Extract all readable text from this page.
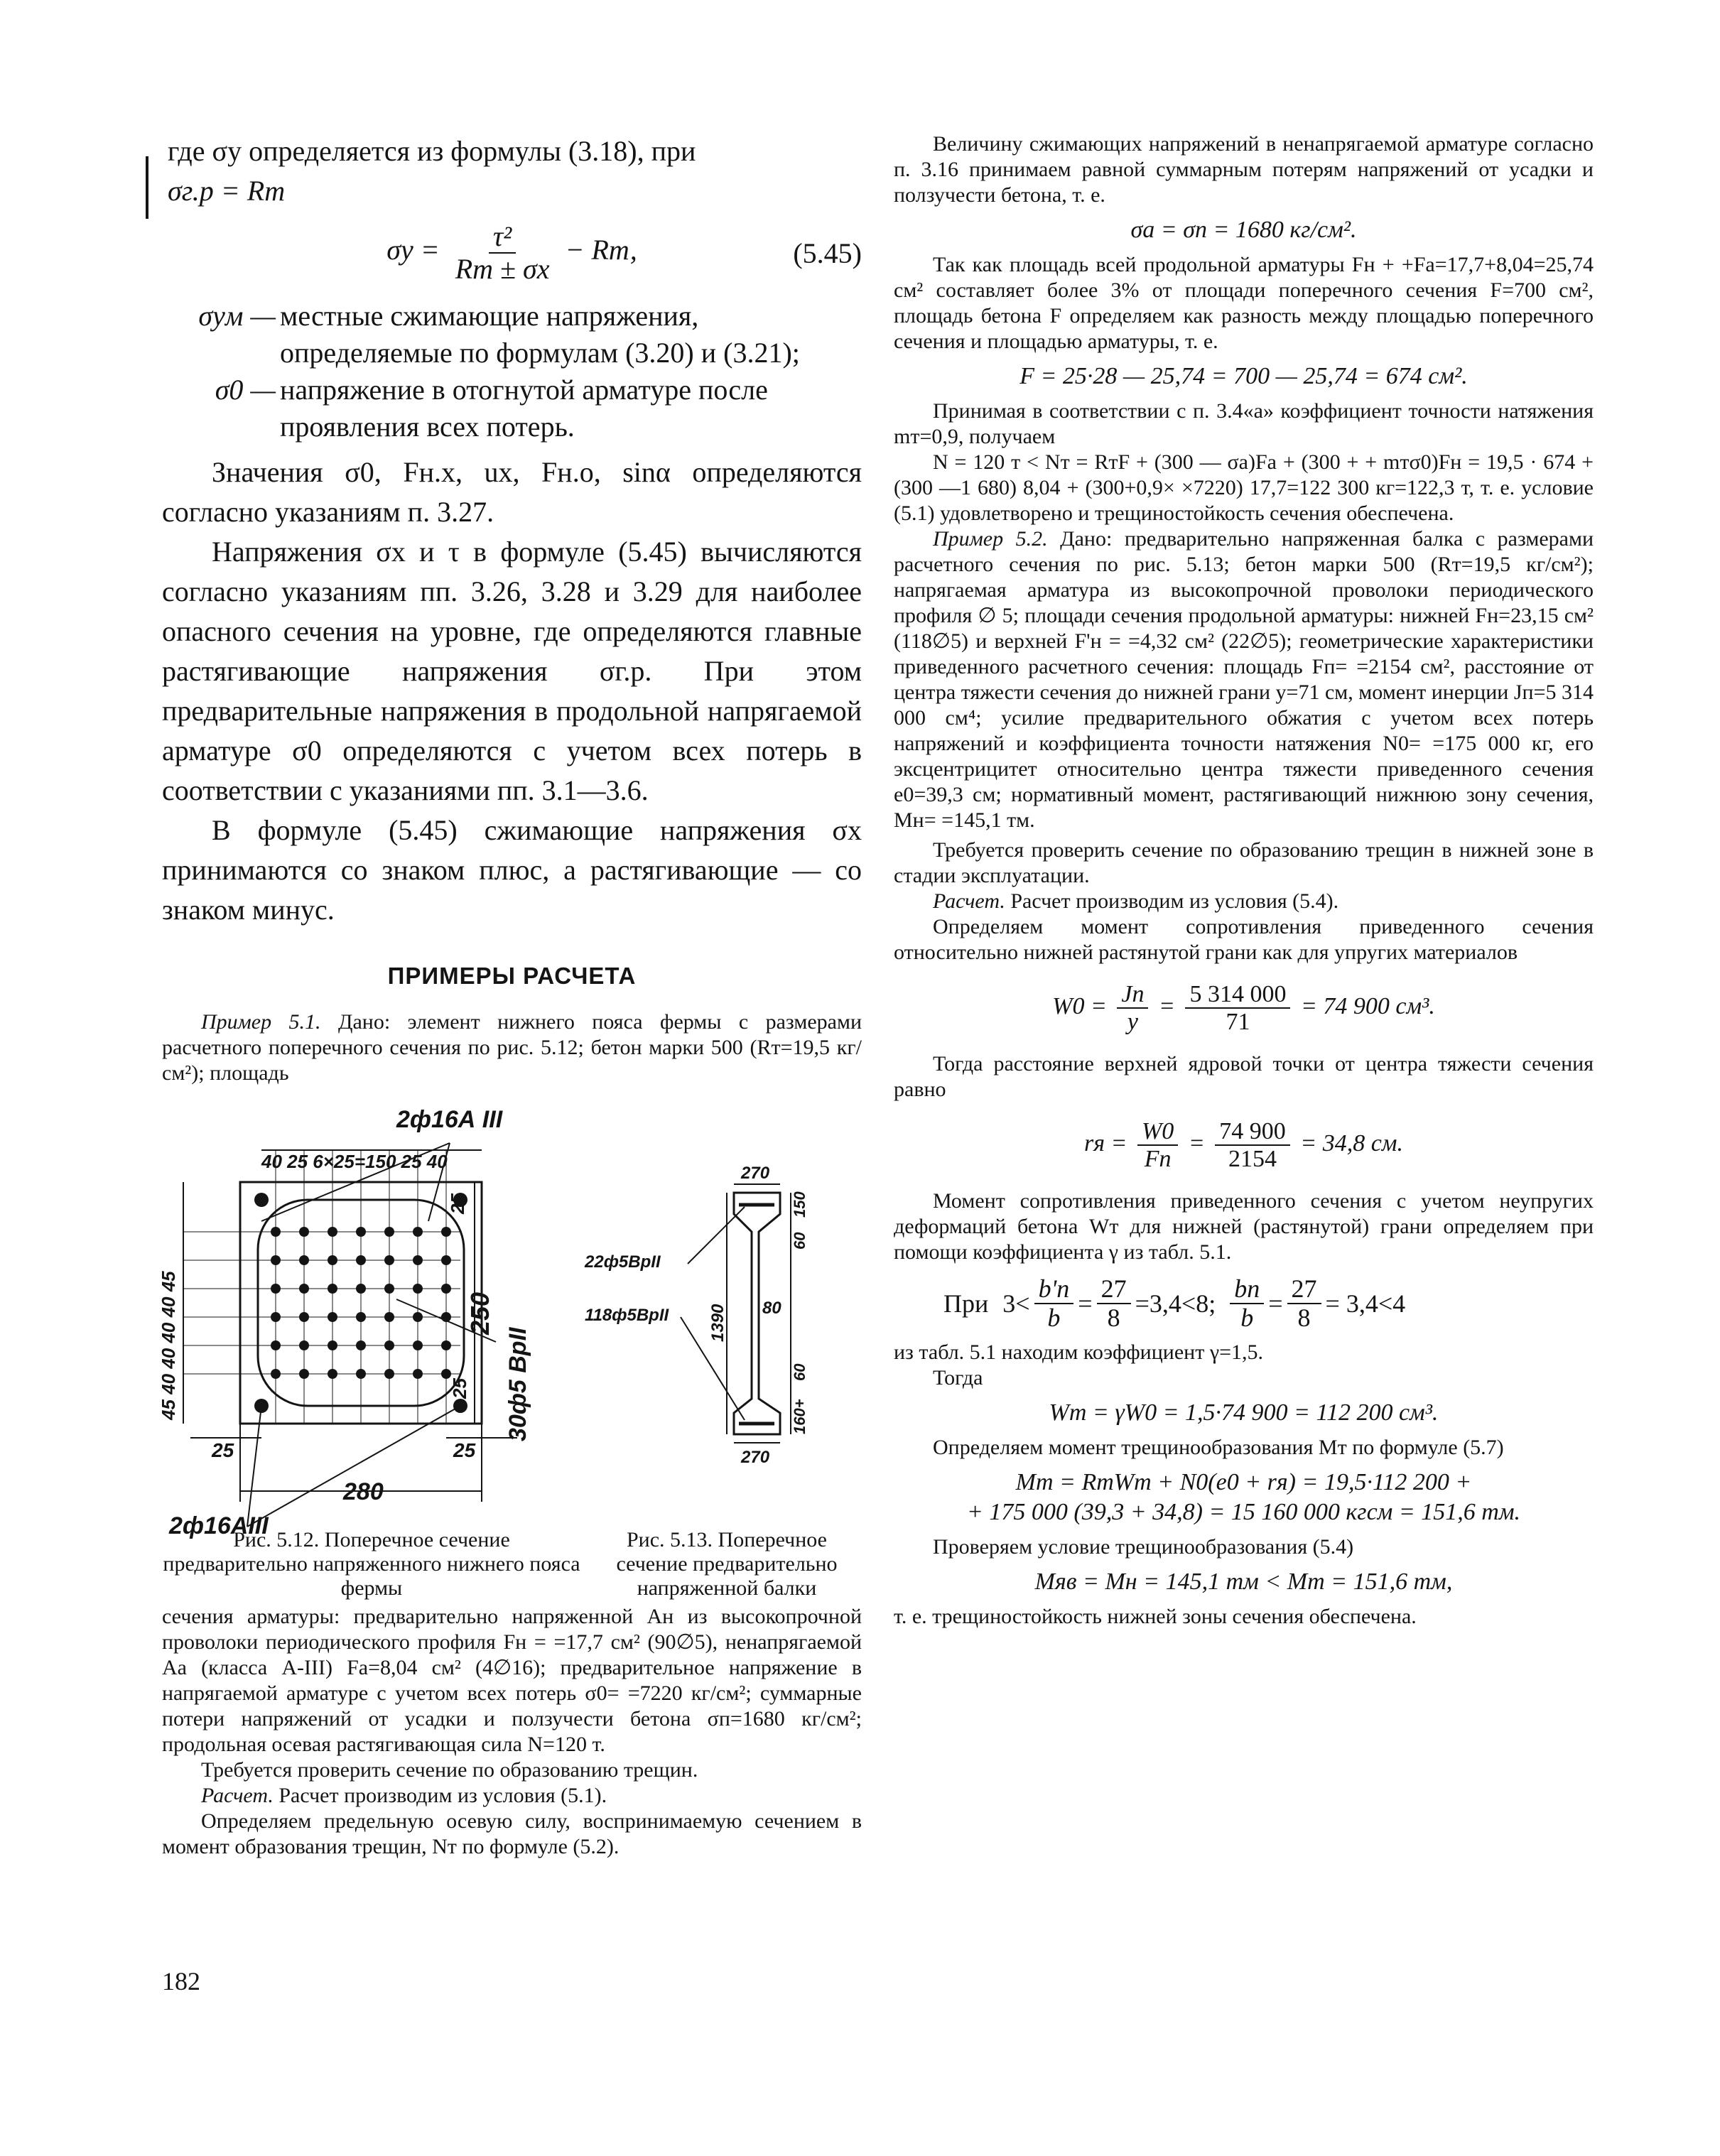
где σy определяется из формулы (3.18), при

σг.р = Rт

$\sigma y = \frac{\text{τ²}}{Rт \pm \sigma x}$ − Rт,	(5.45)
σyм — местные сжимающие напряжения, определяемые по формулам (3.20) и (3.21);
σ0 — напряжение в отогнутой арматуре после проявления всех потерь.

Значения σ0, Fн.x, ux, Fн.o, sinα определяются согласно указаниям п. 3.27.

Напряжения σx и τ в формуле (5.45) вычисляются согласно указаниям пп. 3.26, 3.28 и 3.29 для наиболее опасного сечения на уровне, где определяются главные растягивающие напряжения σг.р. При этом предварительные напряжения в продольной напрягаемой арматуре σ0 определяются с учетом всех потерь в соответствии с указаниями пп. 3.1—3.6.

В формуле (5.45) сжимающие напряжения σx принимаются со знаком плюс, а растягивающие — со знаком минус.

ПРИМЕРЫ РАСЧЕТА

Пример 5.1. Дано: элемент нижнего пояса фермы с размерами расчетного поперечного сечения по рис. 5.12; бетон марки 500 (Rт=19,5 кг/см²); площадь

2ф16А III
40 25 6×25=150 25 40
45 40 40 40 40 45	250
30ф5 ВрII
25	25
25
25
280
2ф16АIII
270
270
22ф5ВрII
118ф5ВрII 1390 80
60
60
150
160+
Рис. 5.12. Поперечное сечение предварительно напряженного нижнего пояса фермы
Рис. 5.13. Поперечное сечение предварительно напряженной балки

сечения арматуры: предварительно напряженной Aн из высокопрочной проволоки периодического профиля Fн = =17,7 см² (90∅5), ненапрягаемой Aа (класса А-III) Fа=8,04 см² (4∅16); предварительное напряжение в напрягаемой арматуре с учетом всех потерь σ0= =7220 кг/см²; суммарные потери напряжений от усадки и ползучести бетона σп=1680 кг/см²; продольная осевая растягивающая сила N=120 т.

Требуется проверить сечение по образованию трещин.

Расчет. Расчет производим из условия (5.1).

Определяем предельную осевую силу, воспринимаемую сечением в момент образования трещин, Nт по формуле (5.2).

Величину сжимающих напряжений в ненапрягаемой арматуре согласно п. 3.16 принимаем равной суммарным потерям напряжений от усадки и ползучести бетона, т. е.

σа = σп = 1680 кг/см².

Так как площадь всей продольной арматуры Fн + +Fа=17,7+8,04=25,74 см² составляет более 3% от площади поперечного сечения F=700 см², площадь бетона F определяем как разность между площадью поперечного сечения и площадью арматуры, т. е.

F = 25·28 — 25,74 = 700 — 25,74 = 674 см².

Принимая в соответствии с п. 3.4«а» коэффициент точности натяжения mт=0,9, получаем

N = 120 т < Nт = RтF + (300 — σа)Fа + (300 + + mтσ0)Fн = 19,5 · 674 + (300 —1 680) 8,04 + (300+0,9× ×7220) 17,7=122 300 кг=122,3 т, т. е. условие (5.1) удовлетворено и трещиностойкость сечения обеспечена.

Пример 5.2. Дано: предварительно напряженная балка с размерами расчетного сечения по рис. 5.13; бетон марки 500 (Rт=19,5 кг/см²); напрягаемая арматура из высокопрочной проволоки периодического профиля ∅ 5; площади сечения продольной арматуры: нижней Fн=23,15 см² (118∅5) и верхней F'н = =4,32 см² (22∅5); геометрические характеристики приведенного расчетного сечения: площадь Fп= =2154 см², расстояние от центра тяжести сечения до нижней грани y=71 см, момент инерции Jп=5 314 000 см⁴; усилие предварительного обжатия с учетом всех потерь напряжений и коэффициента точности натяжения N0= =175 000 кг, его эксцентрицитет относительно центра тяжести приведенного сечения e0=39,3 см; нормативный момент, растягивающий нижнюю зону сечения, Mн= =145,1 тм.

Требуется проверить сечение по образованию трещин в нижней зоне в стадии эксплуатации.

Расчет. Расчет производим из условия (5.4).

Определяем момент сопротивления приведенного сечения относительно нижней растянутой грани как для упругих материалов

$W0 = \frac{Jп}{y} = \frac{5 314 000}{71} = 74$ 900 см³.

Тогда расстояние верхней ядровой точки от центра тяжести сечения равно

rя = $\frac{W0}{Fп} = \frac{74 900}{2154} = 34,8$ см.

Момент сопротивления приведенного сечения с учетом неупругих деформаций бетона Wт для нижней (растянутой) грани определяем при помощи коэффициента γ из табл. 5.1.

При $3< \frac{b'п}{b} = \frac{27}{8} =3,4<8$; $\frac{bп}{b} = \frac{27}{8} = 3,4<4$

из табл. 5.1 находим коэффициент γ=1,5.

Тогда

Wт = γW0 = 1,5·74 900 = 112 200 см³.

Определяем момент трещинообразования Mт по формуле (5.7)

Mт = RтWт + N0(e0 + rя) = 19,5·112 200 +
+ 175 000 (39,3 + 34,8) = 15 160 000 кгсм = 151,6 тм.

Проверяем условие трещинообразования (5.4)

Mяв = Mн = 145,1 тм < Mт = 151,6 тм,

т. е. трещиностойкость нижней зоны сечения обеспечена.

182
